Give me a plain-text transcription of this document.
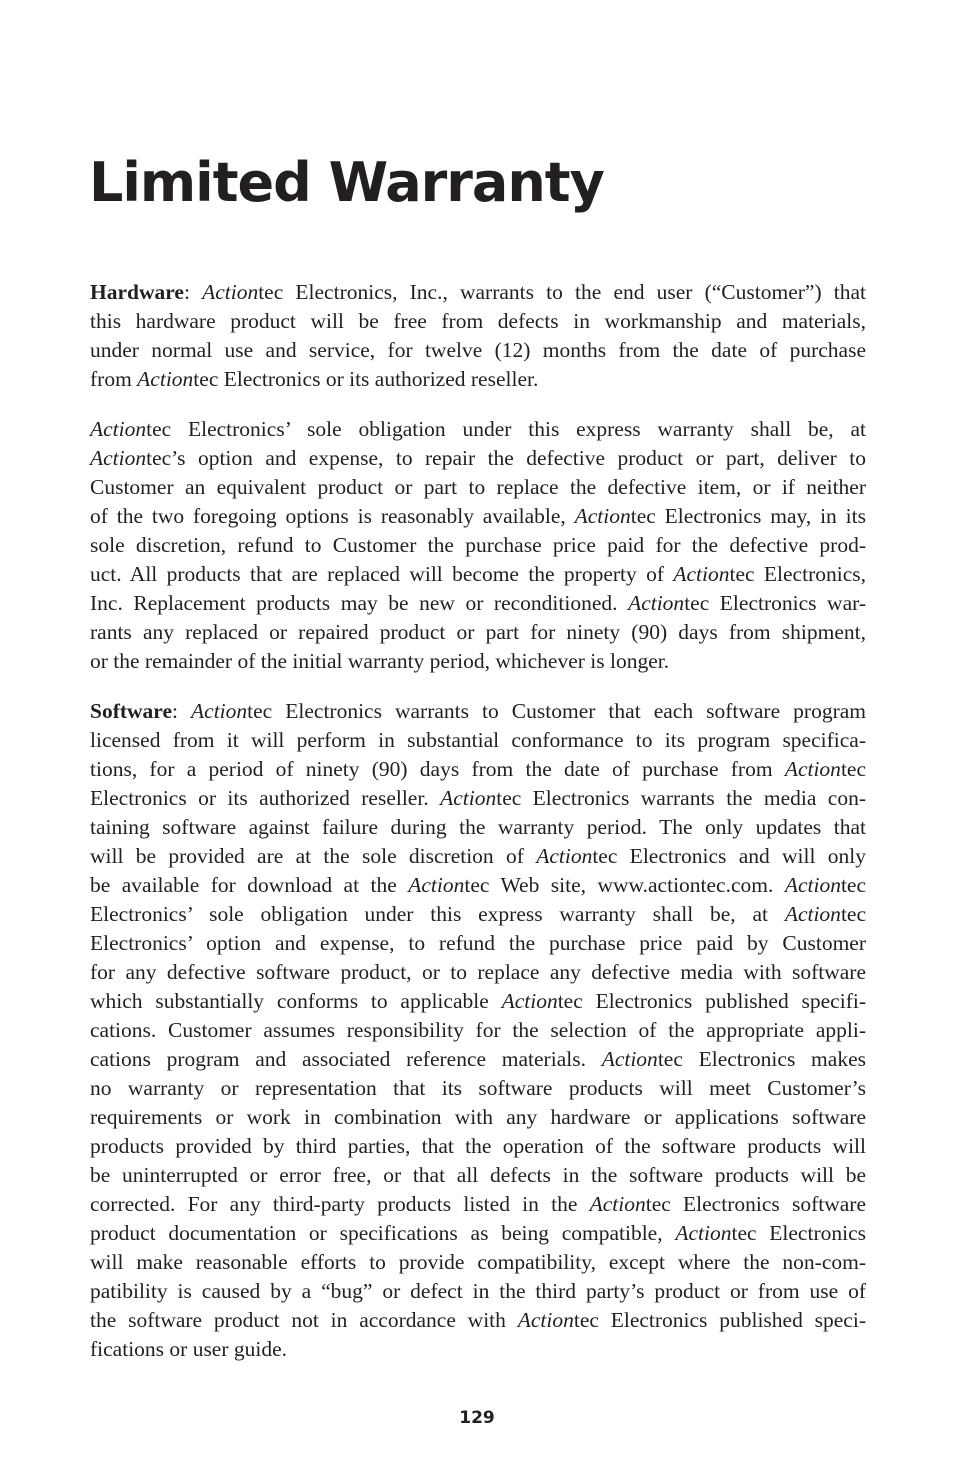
Limited Warranty
Hardware: Actiontec Electronics, Inc., warrants to the end user (“Customer”) that
this hardware product will be free from defects in workmanship and materials,
under normal use and service, for twelve (12) months from the date of purchase
from Actiontec Electronics or its authorized reseller.
Actiontec Electronics’ sole obligation under this express warranty shall be, at
Actiontec’s option and expense, to repair the defective product or part, deliver to
Customer an equivalent product or part to replace the defective item, or if neither
of the two foregoing options is reasonably available, Actiontec Electronics may, in its
sole discretion, refund to Customer the purchase price paid for the defective prod-
uct. All products that are replaced will become the property of Actiontec Electronics,
Inc. Replacement products may be new or reconditioned. Actiontec Electronics war-
rants any replaced or repaired product or part for ninety (90) days from shipment,
or the remainder of the initial warranty period, whichever is longer.
Software: Actiontec Electronics warrants to Customer that each software program
licensed from it will perform in substantial conformance to its program specifica-
tions, for a period of ninety (90) days from the date of purchase from Actiontec
Electronics or its authorized reseller. Actiontec Electronics warrants the media con-
taining software against failure during the warranty period. The only updates that
will be provided are at the sole discretion of Actiontec Electronics and will only
be available for download at the Actiontec Web site, www.actiontec.com. Actiontec
Electronics’ sole obligation under this express warranty shall be, at Actiontec
Electronics’ option and expense, to refund the purchase price paid by Customer
for any defective software product, or to replace any defective media with software
which substantially conforms to applicable Actiontec Electronics published specifi-
cations. Customer assumes responsibility for the selection of the appropriate appli-
cations program and associated reference materials. Actiontec Electronics makes
no warranty or representation that its software products will meet Customer’s
requirements or work in combination with any hardware or applications software
products provided by third parties, that the operation of the software products will
be uninterrupted or error free, or that all defects in the software products will be
corrected. For any third-party products listed in the Actiontec Electronics software
product documentation or specifications as being compatible, Actiontec Electronics
will make reasonable efforts to provide compatibility, except where the non-com-
patibility is caused by a “bug” or defect in the third party’s product or from use of
the software product not in accordance with Actiontec Electronics published speci-
fications or user guide.
129
